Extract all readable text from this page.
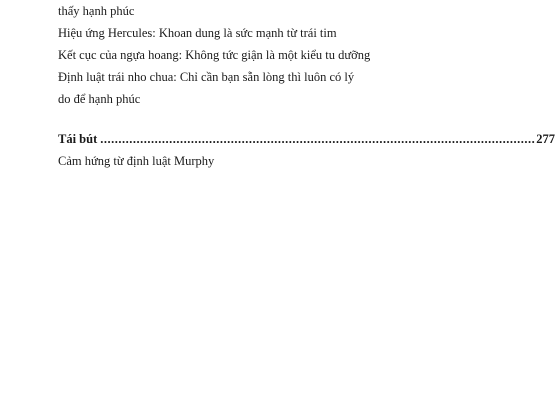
thấy hạnh phúc
Hiệu ứng Hercules: Khoan dung là sức mạnh từ trái tim
Kết cục của ngựa hoang: Không tức giận là một kiểu tu dưỡng
Định luật trái nho chua: Chỉ cần bạn sẵn lòng thì luôn có lý do để hạnh phúc
Tái bút ........................................................................................................................ 277
Cảm hứng từ định luật Murphy
